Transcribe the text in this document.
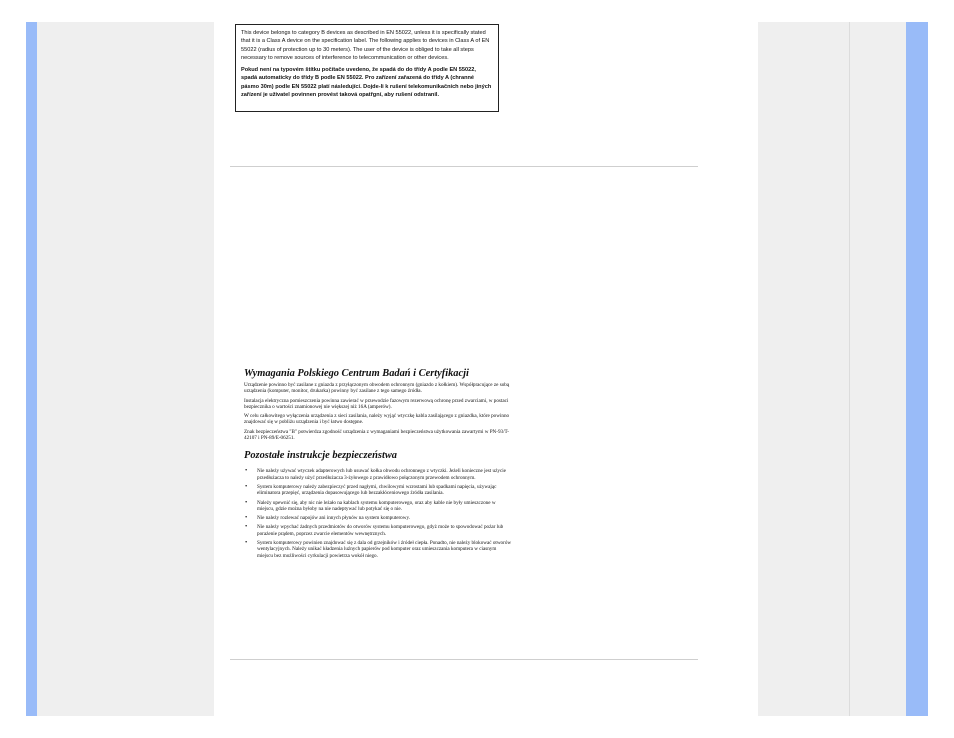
This device belongs to category B devices as described in EN 55022, unless it is specifically stated that it is a Class A device on the specification label. The following applies to devices in Class A of EN 55022 (radius of protection up to 30 meters). The user of the device is obliged to take all steps necessary to remove sources of interference to telecommunication or other devices.

Pokud není na typovém štítku počítače uvedeno, že spadá do do třídy A podle EN 55022, spadá automaticky do třídy B podle EN 55022. Pro zařízení zařazená do třídy A (chranné pásmo 30m) podle EN 55022 platí následující. Dojde-li k rušení telekomunikačních nebo jiných zařízení je uživatel povinnen provést taková opatřgní, aby rušení odstranil.

Wymagania Polskiego Centrum Badań i Certyfikacji

Urządzenie powinno być zasilane z gniazda z przyłączonym obwodem ochronnym (gniazdo z kołkiem). Współpracujące ze sobą urządzenia (komputer, monitor, drukarka) powinny być zasilane z tego samego źródła.

Instalacja elektryczna pomieszczenia powinna zawierać w przewodzie fazowym rezerwową ochronę przed zwarciami, w postaci bezpiecznika o wartości znamionowej nie większej niż 16A (amperów).

W celu całkowitego wyłączenia urządzenia z sieci zasilania, należy wyjąć wtyczkę kabla zasilającego z gniazdka, które powinno znajdować się w pobliżu urządzenia i być łatwo dostępne.

Znak bezpieczeństwa "B" potwierdza zgodność urządzenia z wymaganiami bezpieczeństwa użytkowania zawartymi w PN-93/T-42107 i PN-89/E-06251.

Pozostałe instrukcje bezpieczeństwa
• Nie należy używać wtyczek adapterowych lub usuwać kołka obwodu ochronnego z wtyczki. Jeżeli konieczne jest użycie przedłużacza to należy użyć przedłużacza 3-żyłowego z prawidłowo połączonym przewodem ochronnym.
• System komputerowy należy zabezpieczyć przed nagłymi, chwilowymi wzrostami lub spadkami napięcia, używając eliminatora przepięć, urządzenia dopasowującego lub bezzakłóceniowego źródła zasilania.
• Należy upewnić się, aby nic nie leżało na kablach systemu komputerowego, oraz aby kable nie były umieszczone w miejscu, gdzie można byłoby na nie nadeptywać lub potykać się o nie.
• Nie należy rozlewać napojów ani innych płynów na system komputerowy.
• Nie należy wpychać żadnych przedmiotów do otworów systemu komputerowego, gdyż może to spowodować pożar lub porażenie prądem, poprzez zwarcie elementów wewnętrznych.
• System komputerowy powinien znajdować się z dala od grzejników i źródeł ciepła. Ponadto, nie należy blokować otworów wentylacyjnych. Należy unikać kładzenia luźnych papierów pod komputer oraz umieszczania komputera w ciasnym miejscu bez możliwości cyrkulacji powietrza wokół niego.
